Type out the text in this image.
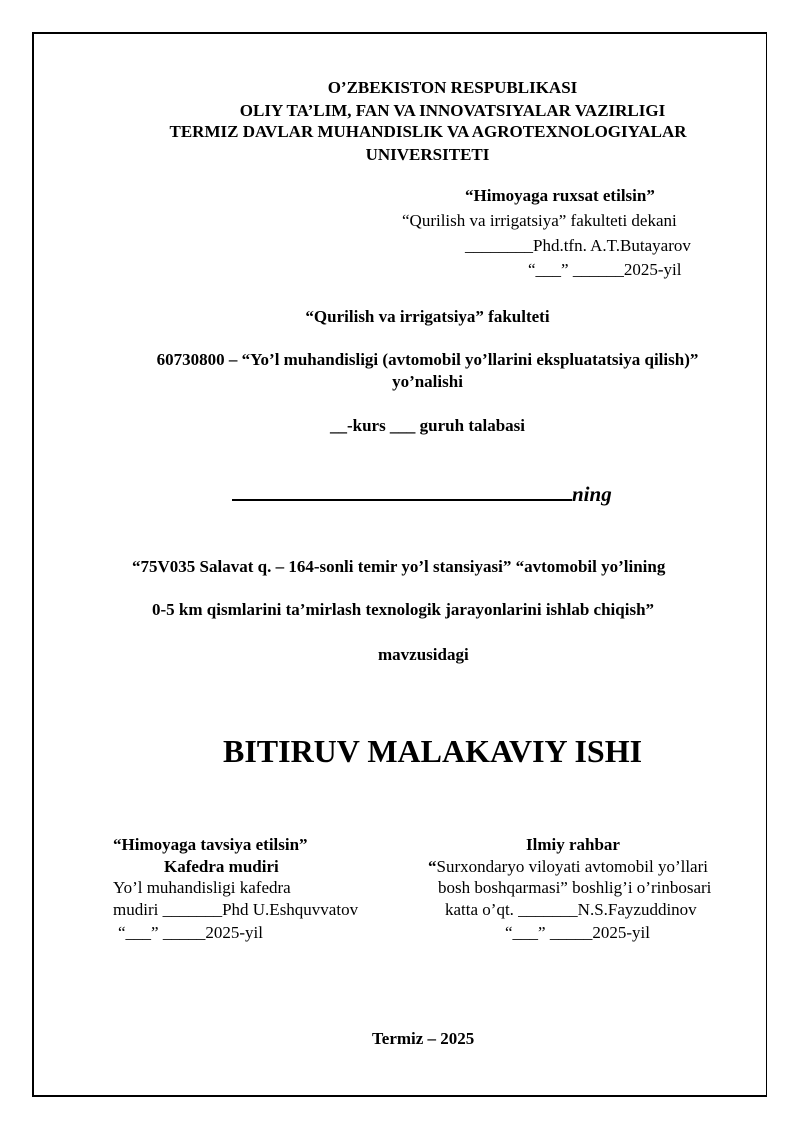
O’ZBEKISTON RESPUBLIKASI
OLIY TA’LIM, FAN VA INNOVATSIYALAR VAZIRLIGI
TERMIZ DAVLAR MUHANDISLIK VA AGROTEXNOLOGIYALAR
UNIVERSITETI
“Himoyaga ruxsat etilsin”
“Qurilish va irrigatsiya” fakulteti dekani
________Phd.tfn. A.T.Butayarov
“___” ______2025-yil
“Qurilish va irrigatsiya” fakulteti
60730800 – “Yo’l muhandisligi (avtomobil yo’llarini ekspluatatsiya qilish)”
yo’nalishi
__-kurs ___ guruh talabasi
ning
“75V035 Salavat q. – 164-sonli temir yo’l stansiyasi” “avtomobil yo’lining
0-5 km qismlarini ta’mirlash texnologik jarayonlarini ishlab chiqish”
mavzusidagi
BITIRUV MALAKAVIY ISHI
“Himoyaga tavsiya etilsin”
Kafedra mudiri
Yo’l muhandisligi kafedra
mudiri _______Phd U.Eshquvvatov
“___” _____2025-yil
Ilmiy rahbar
“Surxondaryo viloyati avtomobil yo’llari
bosh boshqarmasi” boshlig’i o’rinbosari
katta o’qt. _______N.S.Fayzuddinov
“___” _____2025-yil
Termiz – 2025
